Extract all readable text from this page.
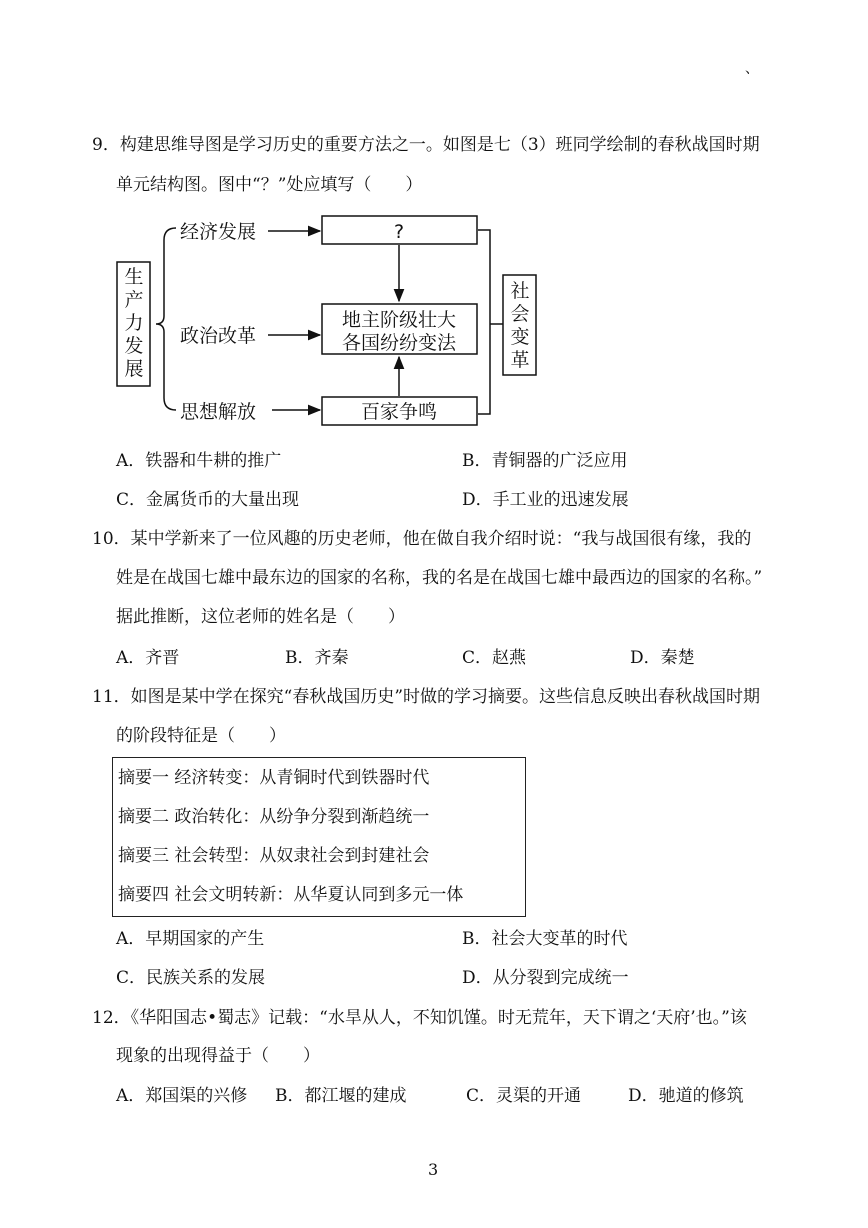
、
9．构建思维导图是学习历史的重要方法之一。如图是七（3）班同学绘制的春秋战国时期
单元结构图。图中“？”处应填写（　　）
生
产
力
发
展
经济发展
政治改革
思想解放
?
地主阶级壮大
各国纷纷变法
百家争鸣
社
会
变
革
A．铁器和牛耕的推广	B．青铜器的广泛应用
C．金属货币的大量出现	D．手工业的迅速发展
10．某中学新来了一位风趣的历史老师，他在做自我介绍时说：“我与战国很有缘，我的
姓是在战国七雄中最东边的国家的名称，我的名是在战国七雄中最西边的国家的名称。”
据此推断，这位老师的姓名是（　　）
A．齐晋	B．齐秦	C．赵燕	D．秦楚
11．如图是某中学在探究“春秋战国历史”时做的学习摘要。这些信息反映出春秋战国时期
的阶段特征是（　　）
摘要一 经济转变：从青铜时代到铁器时代
摘要二 政治转化：从纷争分裂到渐趋统一
摘要三 社会转型：从奴隶社会到封建社会
摘要四 社会文明转新：从华夏认同到多元一体
A．早期国家的产生	B．社会大变革的时代
C．民族关系的发展	D．从分裂到完成统一
12．《华阳国志•蜀志》记载：“水旱从人，不知饥馑。时无荒年，天下谓之‘天府’也。”该
现象的出现得益于（　　）
A．郑国渠的兴修 B．都江堰的建成	C．灵渠的开通	D．驰道的修筑
3
